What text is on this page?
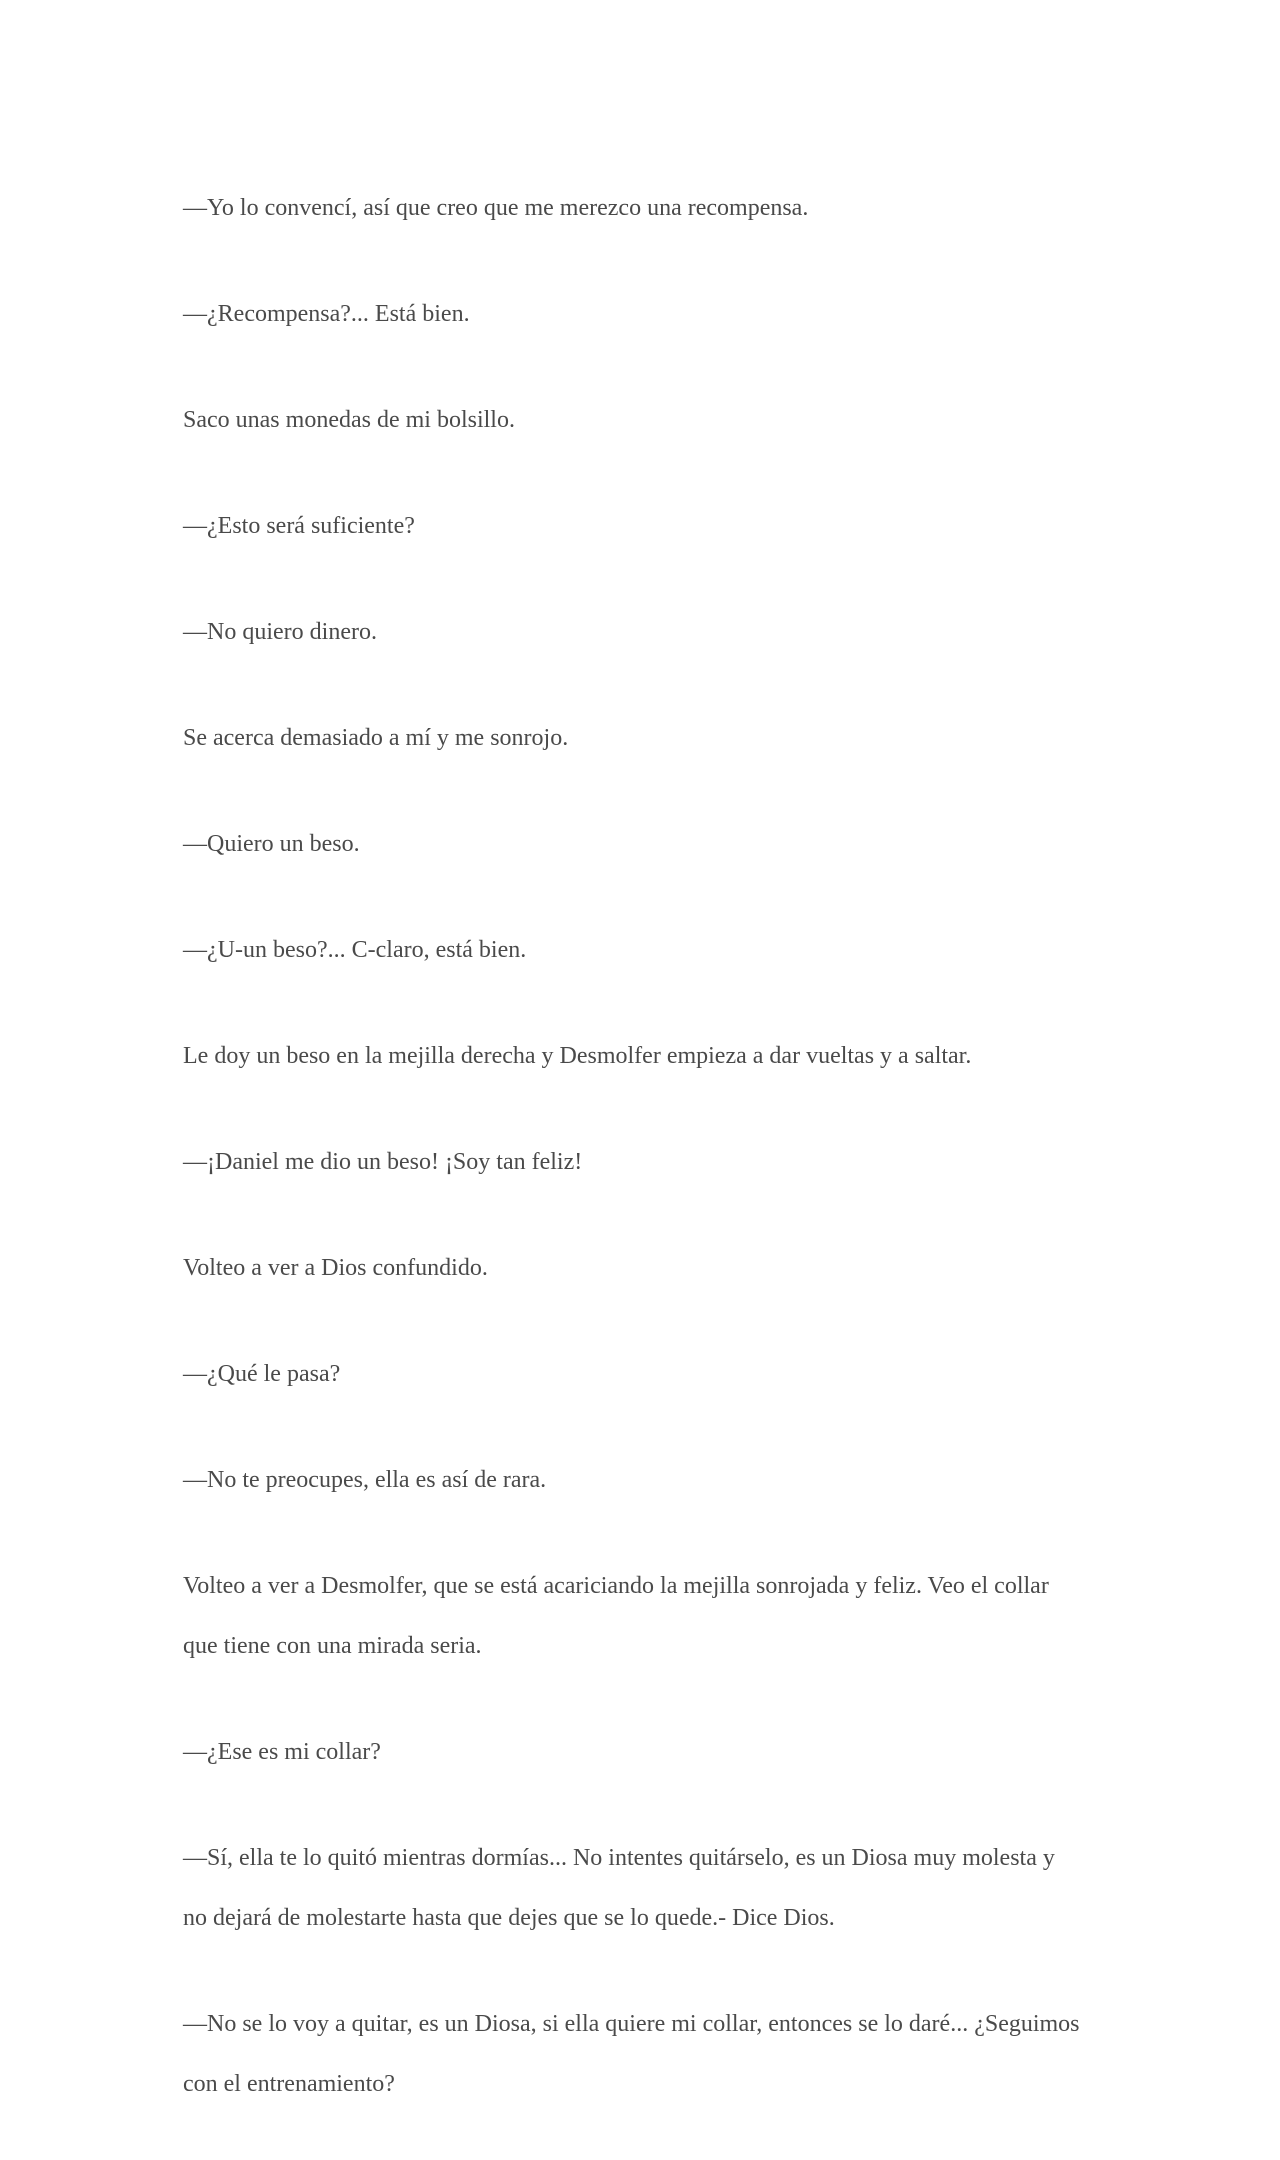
—Yo lo convencí, así que creo que me merezco una recompensa.

—¿Recompensa?... Está bien.

Saco unas monedas de mi bolsillo.

—¿Esto será suficiente?

—No quiero dinero.

Se acerca demasiado a mí y me sonrojo.

—Quiero un beso.

—¿U-un beso?... C-claro, está bien.

Le doy un beso en la mejilla derecha y Desmolfer empieza a dar vueltas y a saltar.

—¡Daniel me dio un beso! ¡Soy tan feliz!

Volteo a ver a Dios confundido.

—¿Qué le pasa?

—No te preocupes, ella es así de rara.

Volteo a ver a Desmolfer, que se está acariciando la mejilla sonrojada y feliz. Veo el collar que tiene con una mirada seria.

—¿Ese es mi collar?

—Sí, ella te lo quitó mientras dormías... No intentes quitárselo, es un Diosa muy molesta y no dejará de molestarte hasta que dejes que se lo quede.- Dice Dios.

—No se lo voy a quitar, es un Diosa, si ella quiere mi collar, entonces se lo daré... ¿Seguimos con el entrenamiento?
